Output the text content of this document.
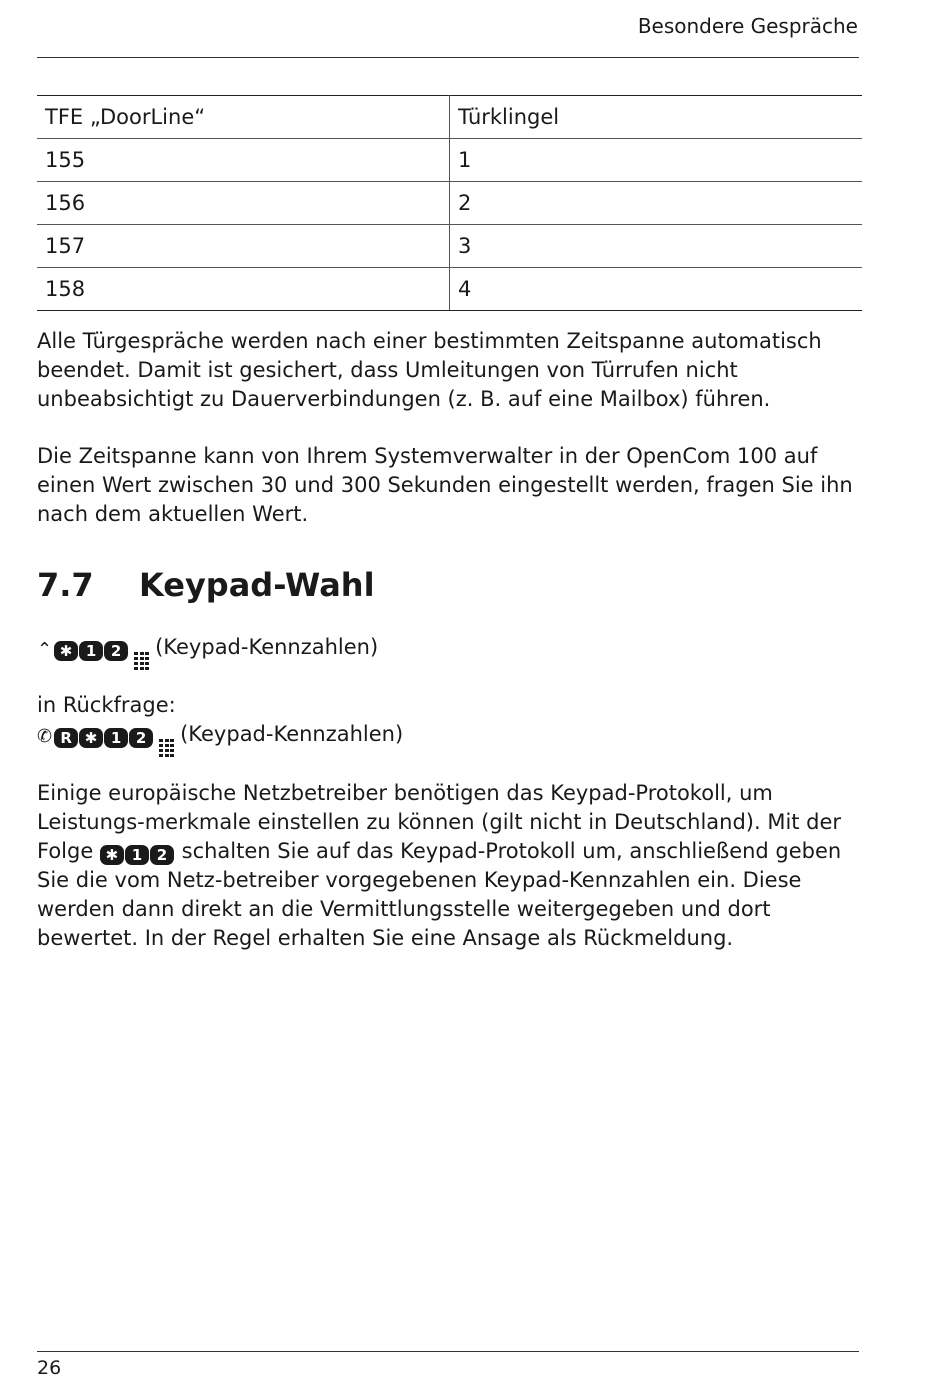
Besondere Gespräche
TFE „DoorLine“	Türklingel
155	1
156	2
157	3
158	4

Alle Türgespräche werden nach einer bestimmten Zeitspanne automatisch beendet. Damit ist gesichert, dass Umleitungen von Türrufen nicht unbeabsichtigt zu Dauerverbindungen (z. B. auf eine Mailbox) führen.

Die Zeitspanne kann von Ihrem Systemverwalter in der OpenCom 100 auf einen Wert zwischen 30 und 300 Sekunden eingestellt werden, fragen Sie ihn nach dem aktuellen Wert.

7.7 Keypad-Wahl
⌃ ✱ 1 2 (Keypad-Kennzahlen)
in Rückfrage:
✆ R ✱ 1 2 (Keypad-Kennzahlen)

Einige europäische Netzbetreiber benötigen das Keypad-Protokoll, um Leistungs-merkmale einstellen zu können (gilt nicht in Deutschland). Mit der Folge ✱ 1 2 schalten Sie auf das Keypad-Protokoll um, anschließend geben Sie die vom Netz-betreiber vorgegebenen Keypad-Kennzahlen ein. Diese werden dann direkt an die Vermittlungsstelle weitergegeben und dort bewertet. In der Regel erhalten Sie eine Ansage als Rückmeldung.

26
